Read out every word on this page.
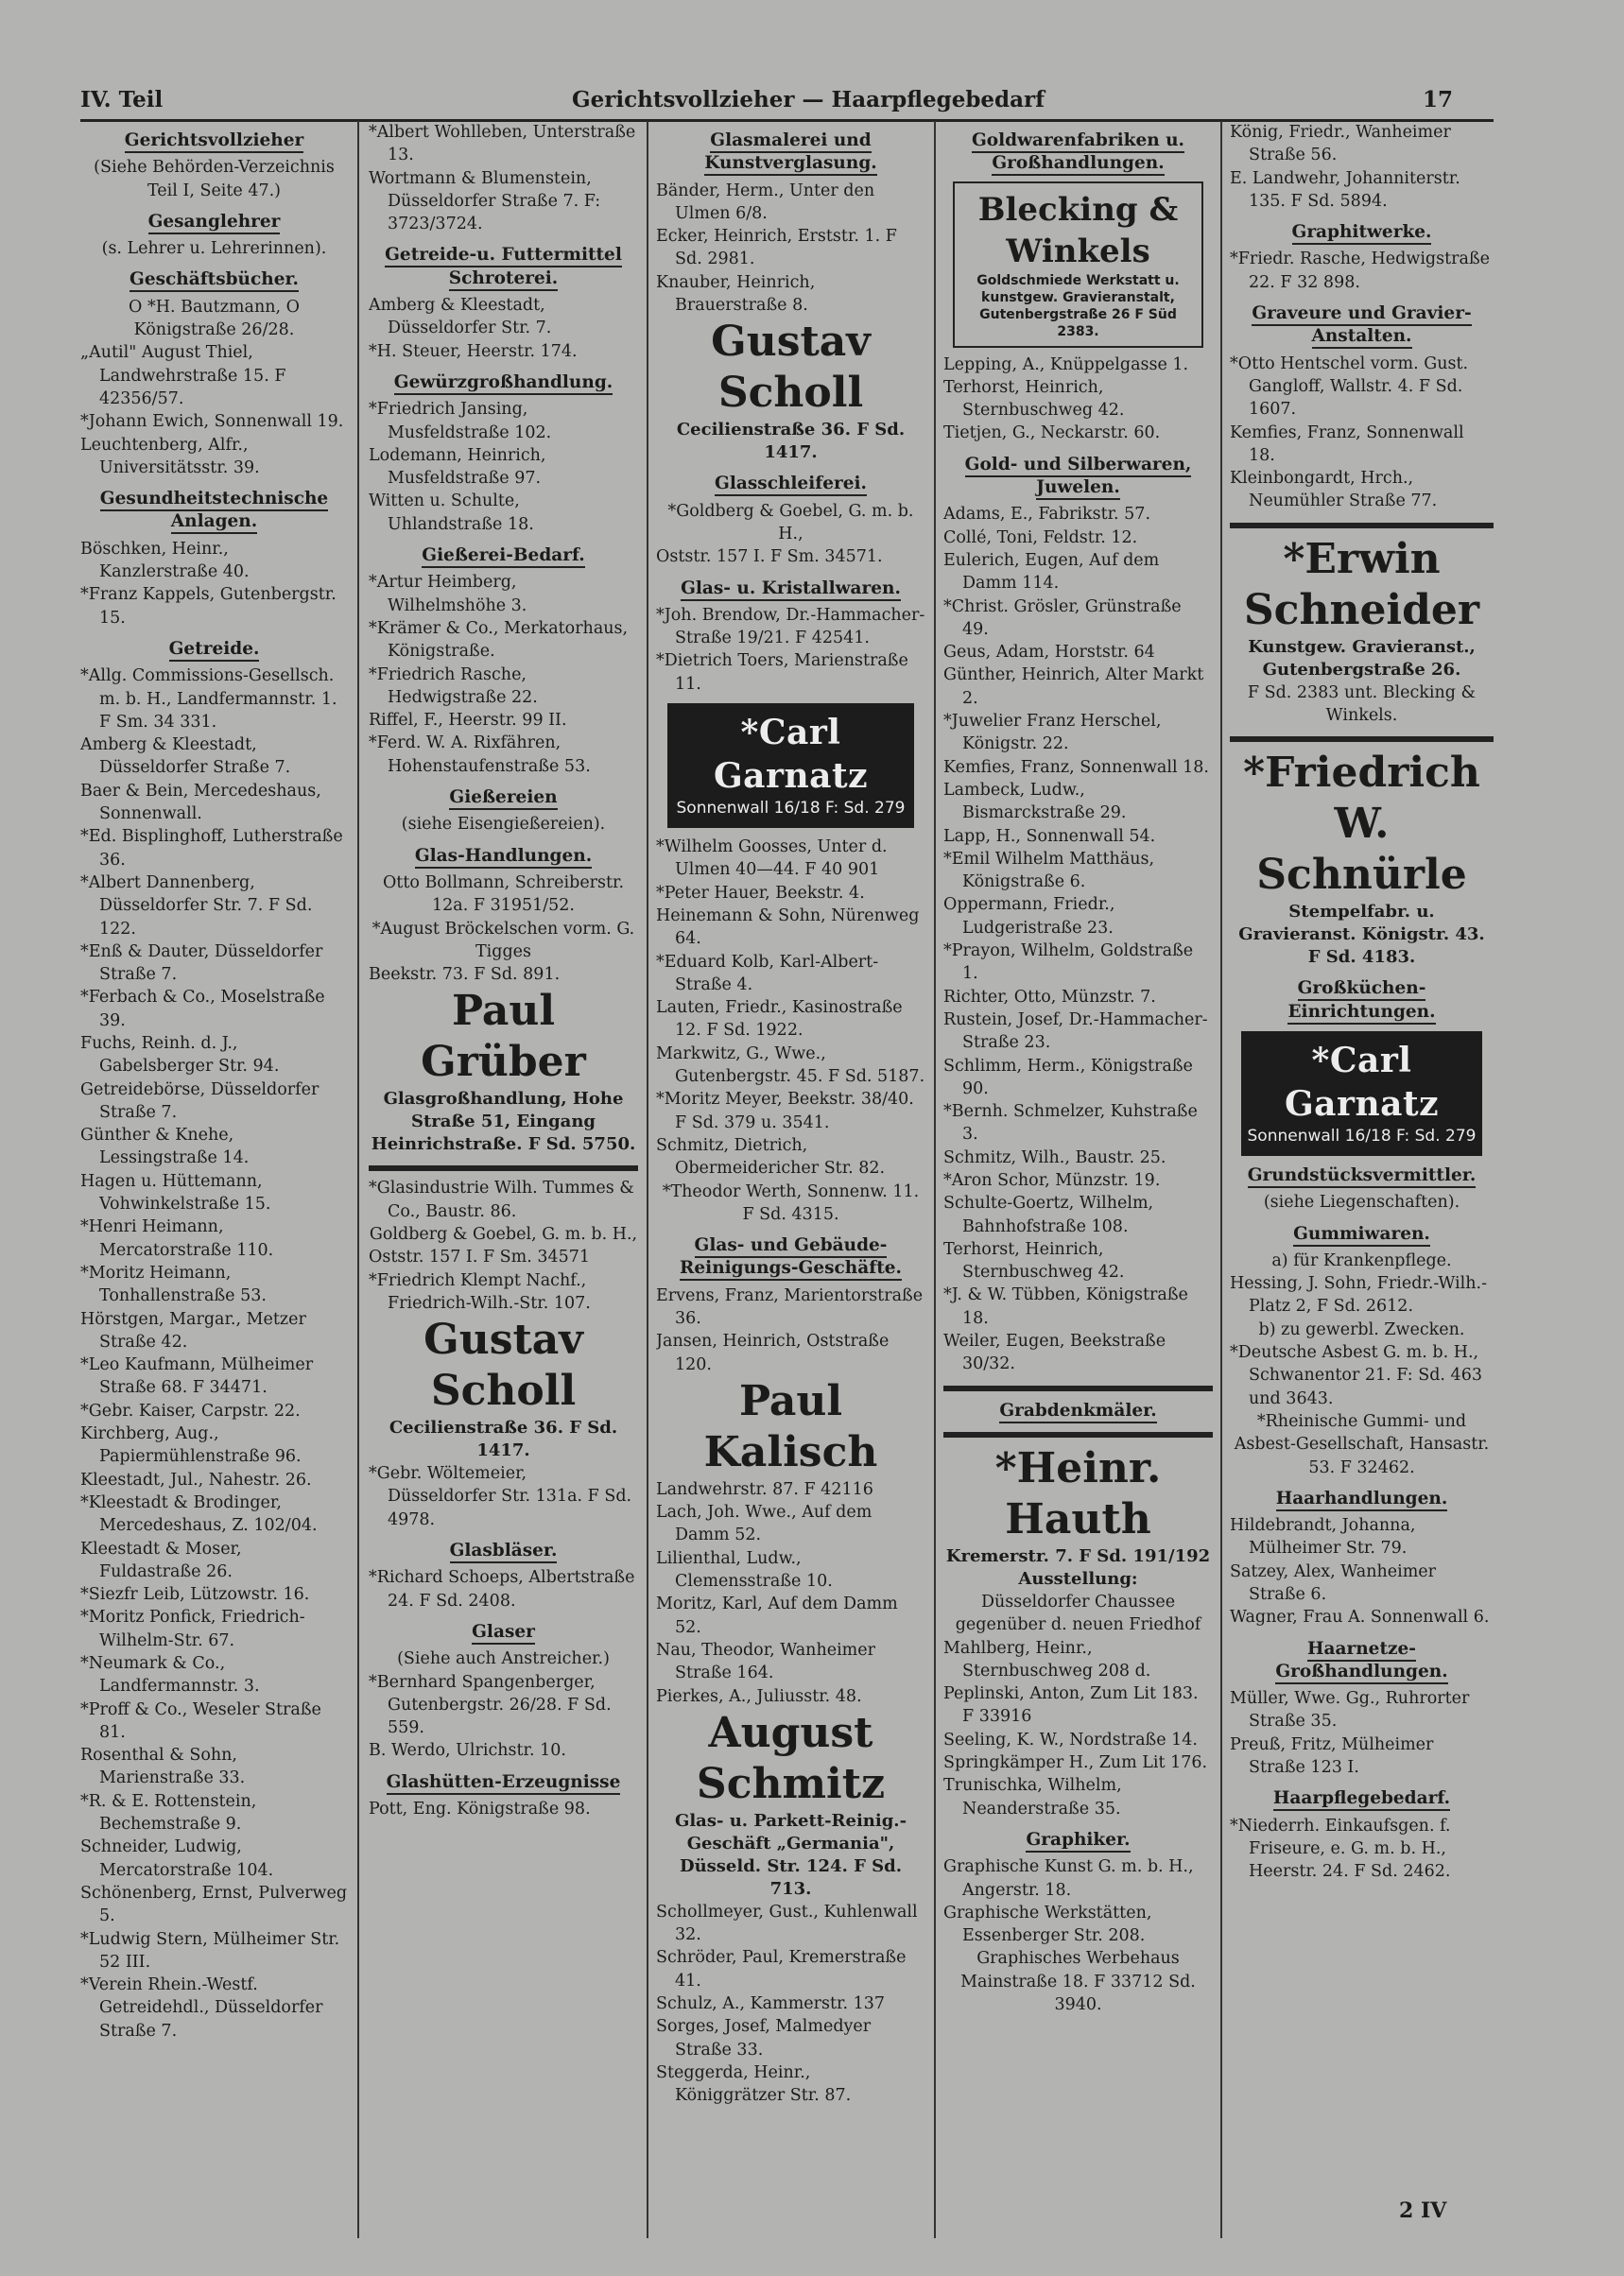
IV. Teil	Gerichtsvollzieher — Haarpflegebedarf	17
Gerichtsvollzieher
(Siehe Behörden-Verzeichnis Teil I, Seite 47.)
Gesanglehrer
(s. Lehrer u. Lehrerinnen).
Geschäftsbücher.
O *H. Bautzmann, O Königstraße 26/28.
„Autil" August Thiel, Landwehrstraße 15. F 42356/57.
*Johann Ewich, Sonnenwall 19.
Leuchtenberg, Alfr., Universitätsstr. 39.
Gesundheitstechnische Anlagen.
Böschken, Heinr., Kanzlerstraße 40.
*Franz Kappels, Gutenbergstr. 15.
Getreide.
*Allg. Commissions-Gesellsch. m. b. H., Landfermannstr. 1. F Sm. 34 331.
Amberg & Kleestadt, Düsseldorfer Straße 7.
Baer & Bein, Mercedeshaus, Sonnenwall.
*Ed. Bisplinghoff, Lutherstraße 36.
*Albert Dannenberg, Düsseldorfer Str. 7. F Sd. 122.
*Enß & Dauter, Düsseldorfer Straße 7.
*Ferbach & Co., Moselstraße 39.
Fuchs, Reinh. d. J., Gabelsberger Str. 94.
Getreidebörse, Düsseldorfer Straße 7.
Günther & Knehe, Lessingstraße 14.
Hagen u. Hüttemann, Vohwinkelstraße 15.
*Henri Heimann, Mercatorstraße 110.
*Moritz Heimann, Tonhallenstraße 53.
Hörstgen, Margar., Metzer Straße 42.
*Leo Kaufmann, Mülheimer Straße 68. F 34471.
*Gebr. Kaiser, Carpstr. 22.
Kirchberg, Aug., Papiermühlenstraße 96.
Kleestadt, Jul., Nahestr. 26.
*Kleestadt & Brodinger, Mercedeshaus, Z. 102/04.
Kleestadt & Moser, Fuldastraße 26.
*Siezfr Leib, Lützowstr. 16.
*Moritz Ponfick, Friedrich-Wilhelm-Str. 67.
*Neumark & Co., Landfermannstr. 3.
*Proff & Co., Weseler Straße 81.
Rosenthal & Sohn, Marienstraße 33.
*R. & E. Rottenstein, Bechemstraße 9.
Schneider, Ludwig, Mercatorstraße 104.
Schönenberg, Ernst, Pulverweg 5.
*Ludwig Stern, Mülheimer Str. 52 III.
*Verein Rhein.-Westf. Getreidehdl., Düsseldorfer Straße 7.
*Albert Wohlleben, Unterstraße 13.
Wortmann & Blumenstein, Düsseldorfer Straße 7. F: 3723/3724.
Getreide-u. Futtermittel Schroterei.
Amberg & Kleestadt, Düsseldorfer Str. 7.
*H. Steuer, Heerstr. 174.
Gewürzgroßhandlung.
*Friedrich Jansing, Musfeldstraße 102.
Lodemann, Heinrich, Musfeldstraße 97.
Witten u. Schulte, Uhlandstraße 18.
Gießerei-Bedarf.
*Artur Heimberg, Wilhelmshöhe 3.
*Krämer & Co., Merkatorhaus, Königstraße.
*Friedrich Rasche, Hedwigstraße 22.
Riffel, F., Heerstr. 99 II.
*Ferd. W. A. Rixfähren, Hohenstaufenstraße 53.
Gießereien
(siehe Eisengießereien).
Glas-Handlungen.
Otto Bollmann, Schreiberstr. 12a. F 31951/52.
*August Bröckelschen vorm. G. Tigges
Beekstr. 73. F Sd. 891.
Paul Grüber
Glasgroßhandlung, Hohe Straße 51, Eingang Heinrichstraße. F Sd. 5750.
*Glasindustrie Wilh. Tummes & Co., Baustr. 86.
Goldberg & Goebel, G. m. b. H.,
Oststr. 157 I. F Sm. 34571
*Friedrich Klempt Nachf., Friedrich-Wilh.-Str. 107.
Gustav Scholl
Cecilienstraße 36. F Sd. 1417.
*Gebr. Wöltemeier, Düsseldorfer Str. 131a. F Sd. 4978.
Glasbläser.
*Richard Schoeps, Albertstraße 24. F Sd. 2408.
Glaser
(Siehe auch Anstreicher.)
*Bernhard Spangenberger, Gutenbergstr. 26/28. F Sd. 559.
B. Werdo, Ulrichstr. 10.
Glashütten-Erzeugnisse
Pott, Eng. Königstraße 98.
Glasmalerei und Kunstverglasung.
Bänder, Herm., Unter den Ulmen 6/8.
Ecker, Heinrich, Erststr. 1. F Sd. 2981.
Knauber, Heinrich, Brauerstraße 8.
Gustav Scholl
Cecilienstraße 36. F Sd. 1417.
Glasschleiferei.
*Goldberg & Goebel, G. m. b. H.,
Oststr. 157 I. F Sm. 34571.
Glas- u. Kristallwaren.
*Joh. Brendow, Dr.-Hammacher-Straße 19/21. F 42541.
*Dietrich Toers, Marienstraße 11.
*Carl Garnatz
Sonnenwall 16/18 F: Sd. 279
*Wilhelm Goosses, Unter d. Ulmen 40—44. F 40 901
*Peter Hauer, Beekstr. 4.
Heinemann & Sohn, Nürenweg 64.
*Eduard Kolb, Karl-Albert-Straße 4.
Lauten, Friedr., Kasinostraße 12. F Sd. 1922.
Markwitz, G., Wwe., Gutenbergstr. 45. F Sd. 5187.
*Moritz Meyer, Beekstr. 38/40. F Sd. 379 u. 3541.
Schmitz, Dietrich, Obermeidericher Str. 82.
*Theodor Werth, Sonnenw. 11. F Sd. 4315.
Glas- und Gebäude-Reinigungs-Geschäfte.
Ervens, Franz, Marientorstraße 36.
Jansen, Heinrich, Oststraße 120.
Paul Kalisch
Landwehrstr. 87. F 42116
Lach, Joh. Wwe., Auf dem Damm 52.
Lilienthal, Ludw., Clemensstraße 10.
Moritz, Karl, Auf dem Damm 52.
Nau, Theodor, Wanheimer Straße 164.
Pierkes, A., Juliusstr. 48.
August Schmitz
Glas- u. Parkett-Reinig.-Geschäft „Germania", Düsseld. Str. 124. F Sd. 713.
Schollmeyer, Gust., Kuhlenwall 32.
Schröder, Paul, Kremerstraße 41.
Schulz, A., Kammerstr. 137
Sorges, Josef, Malmedyer Straße 33.
Steggerda, Heinr., Königgrätzer Str. 87.
Goldwarenfabriken u. Großhandlungen.
Blecking & Winkels
Goldschmiede Werkstatt u. kunstgew. Gravieranstalt, Gutenbergstraße 26 F Süd 2383.
Lepping, A., Knüppelgasse 1.
Terhorst, Heinrich, Sternbuschweg 42.
Tietjen, G., Neckarstr. 60.
Gold- und Silberwaren, Juwelen.
Adams, E., Fabrikstr. 57.
Collé, Toni, Feldstr. 12.
Eulerich, Eugen, Auf dem Damm 114.
*Christ. Grösler, Grünstraße 49.
Geus, Adam, Horststr. 64
Günther, Heinrich, Alter Markt 2.
*Juwelier Franz Herschel, Königstr. 22.
Kemfies, Franz, Sonnenwall 18.
Lambeck, Ludw., Bismarckstraße 29.
Lapp, H., Sonnenwall 54.
*Emil Wilhelm Matthäus, Königstraße 6.
Oppermann, Friedr., Ludgeristraße 23.
*Prayon, Wilhelm, Goldstraße 1.
Richter, Otto, Münzstr. 7.
Rustein, Josef, Dr.-Hammacher-Straße 23.
Schlimm, Herm., Königstraße 90.
*Bernh. Schmelzer, Kuhstraße 3.
Schmitz, Wilh., Baustr. 25.
*Aron Schor, Münzstr. 19.
Schulte-Goertz, Wilhelm, Bahnhofstraße 108.
Terhorst, Heinrich, Sternbuschweg 42.
*J. & W. Tübben, Königstraße 18.
Weiler, Eugen, Beekstraße 30/32.
Grabdenkmäler.
*Heinr. Hauth
Kremerstr. 7. F Sd. 191/192 Ausstellung:
Düsseldorfer Chaussee gegenüber d. neuen Friedhof
Mahlberg, Heinr., Sternbuschweg 208 d.
Peplinski, Anton, Zum Lit 183. F 33916
Seeling, K. W., Nordstraße 14.
Springkämper H., Zum Lit 176.
Trunischka, Wilhelm, Neanderstraße 35.
Graphiker.
Graphische Kunst G. m. b. H., Angerstr. 18.
Graphische Werkstätten, Essenberger Str. 208.
Graphisches Werbehaus Mainstraße 18. F 33712 Sd. 3940.
König, Friedr., Wanheimer Straße 56.
E. Landwehr, Johanniterstr. 135. F Sd. 5894.
Graphitwerke.
*Friedr. Rasche, Hedwigstraße 22. F 32 898.
Graveure und Gravier-Anstalten.
*Otto Hentschel vorm. Gust. Gangloff, Wallstr. 4. F Sd. 1607.
Kemfies, Franz, Sonnenwall 18.
Kleinbongardt, Hrch., Neumühler Straße 77.
*Erwin Schneider
Kunstgew. Gravieranst., Gutenbergstraße 26.
F Sd. 2383 unt. Blecking & Winkels.
*Friedrich W. Schnürle
Stempelfabr. u. Gravieranst. Königstr. 43. F Sd. 4183.
Großküchen-Einrichtungen.
*Carl Garnatz
Sonnenwall 16/18 F: Sd. 279
Grundstücksvermittler.
(siehe Liegenschaften).
Gummiwaren.
a) für Krankenpflege.
Hessing, J. Sohn, Friedr.-Wilh.-Platz 2, F Sd. 2612.
b) zu gewerbl. Zwecken.
*Deutsche Asbest G. m. b. H., Schwanentor 21. F: Sd. 463 und 3643.
*Rheinische Gummi- und Asbest-Gesellschaft, Hansastr. 53. F 32462.
Haarhandlungen.
Hildebrandt, Johanna, Mülheimer Str. 79.
Satzey, Alex, Wanheimer Straße 6.
Wagner, Frau A. Sonnenwall 6.
Haarnetze-Großhandlungen.
Müller, Wwe. Gg., Ruhrorter Straße 35.
Preuß, Fritz, Mülheimer Straße 123 I.
Haarpflegebedarf.
*Niederrh. Einkaufsgen. f. Friseure, e. G. m. b. H., Heerstr. 24. F Sd. 2462.
2 IV
